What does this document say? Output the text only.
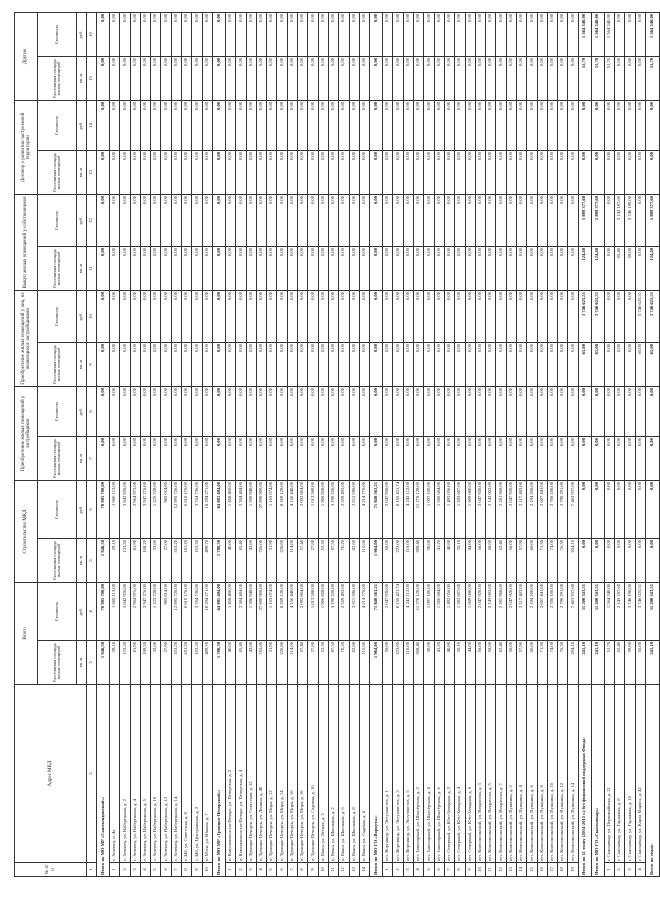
№ п/п	Адрес МКД	Всего		Строительство МКД		Приобретение жилых помещений у застройщиков		Приобретение жилых помещений у лиц, не являющихся застройщиками		Выкуп жилых помещений у собственников		Договор о развитии застроенной территории		Другие		
		Расселяемая площадь жилых помещений	Стоимость	Расселяемая площадь жилых помещений	Стоимость	Расселяемая площадь жилых помещений	Стоимость	Расселяемая площадь жилых помещений	Стоимость	Расселяемая площадь жилых помещений	Стоимость	Расселяемая площадь жилых помещений	Стоимость	Расселяемая площадь жилых помещений	Стоимость	
		кв. м	руб.	кв. м	руб.	кв. м	руб.	кв. м	руб.	кв. м	руб.	кв. м	руб.	кв. м	руб.	
1	2	3	4	5	6	7	8	9	10	11	12	13	14	15	16		
Итого по МО МР «Сыктывдинский»:		1 946,30	70 985 700,00	1 946,30	70 985 700,00	0,00	0,00	0,00	0,00	0,00	0,00	0,00	0,00	0,00	0,00	
1	с. Зеленец, п. 4а	29,10	1 060 113,00	29,10	1 060 113,00	0,00	0,00	0,00	0,00	0,00	0,00	0,00	0,00	0,00	0,00	
2	с. Зеленец, ул. Набережная, д. 2	123,20	3 842 926,00	123,20	3 842 926,00	0,00	0,00	0,00	0,00	0,00	0,00	0,00	0,00	0,00	0,00	
3	с. Зеленец, ул. Набережная, д. 4	81,90	2 964 975,00	81,90	2 964 975,00	0,00	0,00	0,00	0,00	0,00	0,00	0,00	0,00	0,00	0,00	
4	с. Зеленец, ул. Набережная, д. 5	108,20	3 947 276,00	108,20	3 947 276,00	0,00	0,00	0,00	0,00	0,00	0,00	0,00	0,00	0,00	0,00	
5	с. Зеленец, ул. Набережная, д. 10	33,60	1 225 728,00	33,60	1 225 728,00	0,00	0,00	0,00	0,00	0,00	0,00	0,00	0,00	0,00	0,00	
6	с. Зеленец, ул. Набережная, д. 12	27,00	985 014,00	27,00	985 014,00	0,00	0,00	0,00	0,00	0,00	0,00	0,00	0,00	0,00	0,00	
7	с. Зеленец, ул. Набережная, д. 14	353,20	12 895 726,00	353,20	12 895 726,00	0,00	0,00	0,00	0,00	0,00	0,00	0,00	0,00	0,00	0,00	
8	с. Ыб, ул. Советская, д. 8	181,20	6 610 176,00	181,20	6 610 176,00	0,00	0,00	0,00	0,00	0,00	0,00	0,00	0,00	0,00	0,00	
9	с. Ыб, ул. Центральная, д. 2	103,20	3 764 736,00	103,20	3 764 736,00	0,00	0,00	0,00	0,00	0,00	0,00	0,00	0,00	0,00	0,00	
10	п. Мэск, ул. Южная, д. 7	499,70	18 294 271,00	499,70	18 294 271,00	0,00	0,00	0,00	0,00	0,00	0,00	0,00	0,00	0,00	0,00	
Итого по МО МР «Троицко-Печорский»:		1 780,30	64 881 484,00	1 780,30	64 881 484,00	0,00	0,00	0,00	0,00	0,00	0,00	0,00	0,00	0,00	0,00	
1	п. Комсомольск-на-Печоре, ул. Печорская, д. 2	40,00	1 458 400,00	40,00	1 458 400,00	0,00	0,00	0,00	0,00	0,00	0,00	0,00	0,00	0,00	0,00	
2	п. Комсомольск-на-Печоре, ул. Печорская, д. 4	65,40	2 384 484,00	65,40	2 384 484,00	0,00	0,00	0,00	0,00	0,00	0,00	0,00	0,00	0,00	0,00	
3	п. Троицко-Печорск, ул. Советская, д. 12	43,80	1 596 948,00	43,80	1 596 948,00	0,00	0,00	0,00	0,00	0,00	0,00	0,00	0,00	0,00	0,00	
4	п. Троицко-Печорск, ул. Ленина, д. 40	765,00	27 890 900,00	765,00	27 890 900,00	0,00	0,00	0,00	0,00	0,00	0,00	0,00	0,00	0,00	0,00	
5	п. Троицко-Печорск, ул. Мира, д. 12	31,90	1 163 074,00	31,90	1 163 074,00	0,00	0,00	0,00	0,00	0,00	0,00	0,00	0,00	0,00	0,00	
6	п. Троицко-Печорск, ул. Мира, д. 14	226,80	8 269 128,00	226,80	8 269 128,00	0,00	0,00	0,00	0,00	0,00	0,00	0,00	0,00	0,00	0,00	
7	п. Троицко-Печорск, ул. Мира, д. 16	114,00	4 156 440,00	114,00	4 156 440,00	0,00	0,00	0,00	0,00	0,00	0,00	0,00	0,00	0,00	0,00	
8	п. Троицко-Печорск, ул. Мира, д. 18	57,40	2 092 804,00	57,40	2 092 804,00	0,00	0,00	0,00	0,00	0,00	0,00	0,00	0,00	0,00	0,00	
9	п. Троицко-Печорск, ул. Садовая, д. 10	27,80	1 013 588,00	27,80	1 013 588,00	0,00	0,00	0,00	0,00	0,00	0,00	0,00	0,00	0,00	0,00	
10	п. Якша, ул. Лесная, д. 3	52,30	1 906 858,00	52,30	1 906 858,00	0,00	0,00	0,00	0,00	0,00	0,00	0,00	0,00	0,00	0,00	
11	п. Якша, ул. Школьная, д. 2	87,50	3 190 250,00	87,50	3 190 250,00	0,00	0,00	0,00	0,00	0,00	0,00	0,00	0,00	0,00	0,00	
12	п. Якша, ул. Школьная, д. 6	70,20	2 559 492,00	70,20	2 559 492,00	0,00	0,00	0,00	0,00	0,00	0,00	0,00	0,00	0,00	0,00	
13	п. Якша, ул. Школьная, д. 8	82,60	3 011 596,00	82,60	3 011 596,00	0,00	0,00	0,00	0,00	0,00	0,00	0,00	0,00	0,00	0,00	
14	п. Якша, ул. Садовая, д. 4	115,60	4 214 776,00	115,60	4 214 776,00	0,00	0,00	0,00	0,00	0,00	0,00	0,00	0,00	0,00	0,00	
Итого по МО ГО «Воркута»:		1 964,00	71 840 563,21	1 964,00	71 840 563,21	0,00	0,00	0,00	0,00	0,00	0,00	0,00	0,00	0,00	0,00	
1	пгт. Воргашор, ул. Энтузиастов, д. 1	56,00	2 047 936,00	56,00	2 047 936,00	0,00	0,00	0,00	0,00	0,00	0,00	0,00	0,00	0,00	0,00	
2	пгт. Воргашор, ул. Энтузиастов, д. 3	223,00	8 155 421,74	223,00	8 155 421,74	0,00	0,00	0,00	0,00	0,00	0,00	0,00	0,00	0,00	0,00	
3	пгт. Воргашор, ул. Энтузиастов, д. 5	116,00	4 242 112,00	116,00	4 242 112,00	0,00	0,00	0,00	0,00	0,00	0,00	0,00	0,00	0,00	0,00	
4	пгт. Заполярный, ул. Шахтёрская, д. 2	308,40	11 278 128,00	308,40	11 278 128,00	0,00	0,00	0,00	0,00	0,00	0,00	0,00	0,00	0,00	0,00	
5	пгт. Заполярный, ул. Шахтёрская, д. 4	30,00	1 097 100,00	30,00	1 097 100,00	0,00	0,00	0,00	0,00	0,00	0,00	0,00	0,00	0,00	0,00	
6	пгт. Заполярный, ул. Шахтёрская, д. 6	41,20	1 506 684,00	41,20	1 506 684,00	0,00	0,00	0,00	0,00	0,00	0,00	0,00	0,00	0,00	0,00	
7	пгт. Северный, ул. Юго-Западная, д. 2	40,80	1 492 056,00	40,80	1 492 056,00	0,00	0,00	0,00	0,00	0,00	0,00	0,00	0,00	0,00	0,00	
8	пгт. Северный, ул. Юго-Западная, д. 4	35,10	1 283 607,00	35,10	1 283 607,00	0,00	0,00	0,00	0,00	0,00	0,00	0,00	0,00	0,00	0,00	
9	пгт. Северный, ул. Юго-Западная, д. 6	44,00	1 609 080,00	44,00	1 609 080,00	0,00	0,00	0,00	0,00	0,00	0,00	0,00	0,00	0,00	0,00	
10	пгт. Комсомольский, ул. Некрасова, д. 3	56,00	2 047 920,00	56,00	2 047 920,00	0,00	0,00	0,00	0,00	0,00	0,00	0,00	0,00	0,00	0,00	
11	пгт. Комсомольский, ул. Некрасова, д. 5	58,60	2 143 002,00	58,60	2 143 002,00	0,00	0,00	0,00	0,00	0,00	0,00	0,00	0,00	0,00	0,00	
12	пгт. Комсомольский, ул. Некрасова, д. 7	62,40	2 281 968,00	62,40	2 281 968,00	0,00	0,00	0,00	0,00	0,00	0,00	0,00	0,00	0,00	0,00	
13	пгт. Комсомольский, ул. Пушкина, д. 2	56,00	2 047 920,00	56,00	2 047 920,00	0,00	0,00	0,00	0,00	0,00	0,00	0,00	0,00	0,00	0,00	
14	пгт. Комсомольский, ул. Пушкина, д. 4	57,90	2 117 403,00	57,90	2 117 403,00	0,00	0,00	0,00	0,00	0,00	0,00	0,00	0,00	0,00	0,00	
15	пгт. Комсомольский, ул. Пушкина, д. 6	60,00	2 194 200,00	60,00	2 194 200,00	0,00	0,00	0,00	0,00	0,00	0,00	0,00	0,00	0,00	0,00	
16	пгт. Комсомольский, ул. Пушкина, д. 8	71,30	2 607 441,00	71,30	2 607 441,00	0,00	0,00	0,00	0,00	0,00	0,00	0,00	0,00	0,00	0,00	
17	пгт. Комсомольский, ул. Пушкина, д. 10	74,00	2 706 180,00	74,00	2 706 180,00	0,00	0,00	0,00	0,00	0,00	0,00	0,00	0,00	0,00	0,00	
18	пгт. Комсомольский, ул. Пушкина, д. 12	76,30	2 790 291,00	76,30	2 790 291,00	0,00	0,00	0,00	0,00	0,00	0,00	0,00	0,00	0,00	0,00	
19	пгт. Комсомольский, ул. Пушкина, д. 14	204,10	7 463 937,00	204,10	7 463 937,00	0,00	0,00	0,00	0,00	0,00	0,00	0,00	0,00	0,00	0,00	
Итого по 11 этапу (2014-2015 г.) без финансовой поддержки Фонда:		241,10	11 200 343,51	0,00	0,00	0,00	0,00	65,00	3 746 625,51	124,40	5 889 377,60	0,00	0,00	51,70	1 564 340,00	
Итого по МО ГО «Сыктывкар»:		241,10	11 200 343,51	0,00	0,00	0,00	0,00	65,00	3 746 625,51	124,40	5 889 377,60	0,00	0,00	51,70	1 564 340,00	
1	г. Сыктывкар, ул. Первомайская, д. 21	51,70	1 564 340,00	0,00	0,00	0,00	0,00	0,00	0,00	0,00	0,00	0,00	0,00	51,70	1 564 340,00	
2	г. Сыктывкар, ул. Гаражная, д. 8	65,40	2 143 187,60	0,00	0,00	0,00	0,00	0,00	0,00	65,40	2 143 187,60	0,00	0,00	0,00	0,00	
3	г. Сыктывкар, ул. Гаражная, д. 10	59,00	3 746 190,00	0,00	0,00	0,00	0,00	0,00	0,00	59,00	3 746 190,00	0,00	0,00	0,00	0,00	
4	г. Сыктывкар, ул. Карла Маркса, д. 42	65,00	3 746 625,51	0,00	0,00	0,00	0,00	65,00	3 746 625,51	0,00	0,00	0,00	0,00	0,00	0,00	
Всего по этапу:		241,10	11 200 343,51	0,00	0,00	0,00	0,00	65,00	3 746 625,51	124,40	5 889 377,60	0,00	0,00	51,70	1 564 340,00	
